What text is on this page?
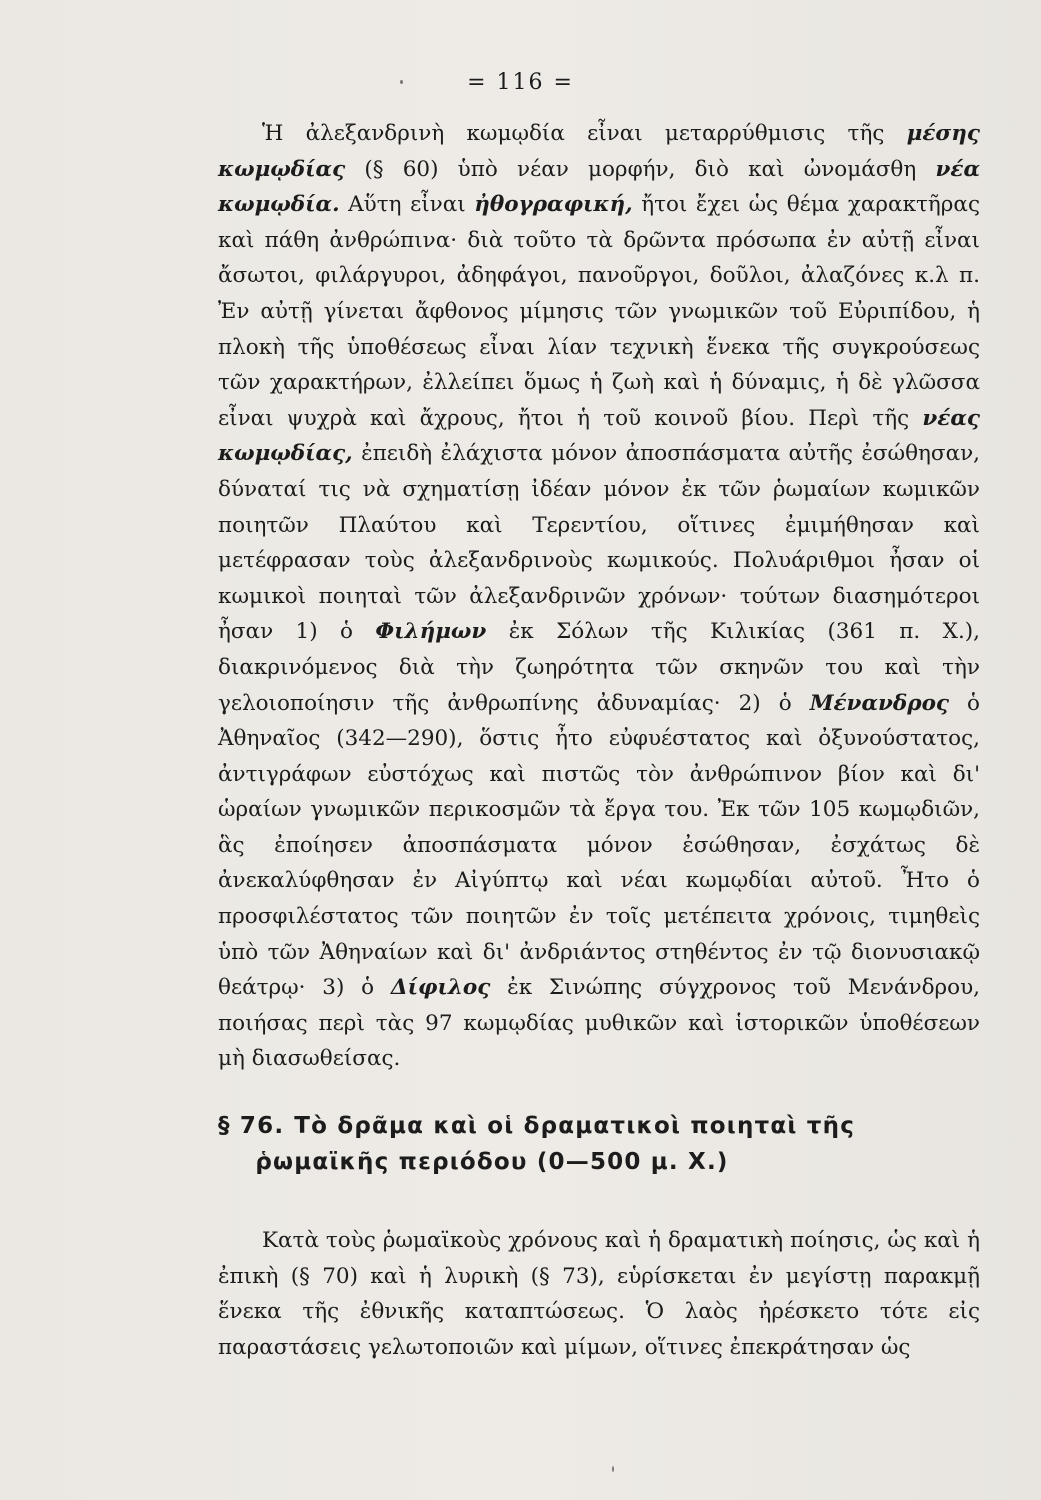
= 116 =
Ἡ ἀλεξανδρινὴ κωμῳδία εἶναι μεταρρύθμισις τῆς μέσης κωμῳδίας (§ 60) ὑπὸ νέαν μορφήν, διὸ καὶ ὠνομάσθη νέα κωμῳδία. Αὕτη εἶναι ἠθογραφική, ἤτοι ἔχει ὡς θέμα χαρακτῆρας καὶ πάθη ἀνθρώπινα· διὰ τοῦτο τὰ δρῶντα πρόσωπα ἐν αὐτῇ εἶναι ἄσωτοι, φιλάργυροι, ἀδηφάγοι, πανοῦργοι, δοῦλοι, ἀλαζόνες κ.λ π. Ἐν αὐτῇ γίνεται ἄφθονος μίμησις τῶν γνωμικῶν τοῦ Εὐριπίδου, ἡ πλοκὴ τῆς ὑποθέσεως εἶναι λίαν τεχνικὴ ἕνεκα τῆς συγκρούσεως τῶν χαρακτήρων, ἐλλείπει ὅμως ἡ ζωὴ καὶ ἡ δύναμις, ἡ δὲ γλῶσσα εἶναι ψυχρὰ καὶ ἄχρους, ἤτοι ἡ τοῦ κοινοῦ βίου. Περὶ τῆς νέας κωμῳδίας, ἐπειδὴ ἐλάχιστα μόνον ἀποσπάσματα αὐτῆς ἐσώθησαν, δύναταί τις νὰ σχηματίσῃ ἰδέαν μόνον ἐκ τῶν ῥωμαίων κωμικῶν ποιητῶν Πλαύτου καὶ Τερεντίου, οἵτινες ἐμιμήθησαν καὶ μετέφρασαν τοὺς ἀλεξανδρινοὺς κωμικούς. Πολυάριθμοι ἦσαν οἱ κωμικοὶ ποιηταὶ τῶν ἀλεξανδρινῶν χρόνων· τούτων διασημότεροι ἦσαν 1) ὁ Φιλήμων ἐκ Σόλων τῆς Κιλικίας (361 π. Χ.), διακρινόμενος διὰ τὴν ζωηρότητα τῶν σκηνῶν του καὶ τὴν γελοιοποίησιν τῆς ἀνθρωπίνης ἀδυναμίας· 2) ὁ Μένανδρος ὁ Ἀθηναῖος (342—290), ὅστις ἦτο εὐφυέστατος καὶ ὀξυνούστατος, ἀντιγράφων εὐστόχως καὶ πιστῶς τὸν ἀνθρώπινον βίον καὶ δι' ὡραίων γνωμικῶν περικοσμῶν τὰ ἔργα του. Ἐκ τῶν 105 κωμῳδιῶν, ἃς ἐποίησεν ἀποσπάσματα μόνον ἐσώθησαν, ἐσχάτως δὲ ἀνεκαλύφθησαν ἐν Αἰγύπτῳ καὶ νέαι κωμῳδίαι αὐτοῦ. Ἦτο ὁ προσφιλέστατος τῶν ποιητῶν ἐν τοῖς μετέπειτα χρόνοις, τιμηθεὶς ὑπὸ τῶν Ἀθηναίων καὶ δι' ἀνδριάντος στηθέντος ἐν τῷ διονυσιακῷ θεάτρῳ· 3) ὁ Δίφιλος ἐκ Σινώπης σύγχρονος τοῦ Μενάνδρου, ποιήσας περὶ τὰς 97 κωμῳδίας μυθικῶν καὶ ἱστορικῶν ὑποθέσεων μὴ διασωθείσας.
§ 76. Τὸ δρᾶμα καὶ οἱ δραματικοὶ ποιηταὶ τῆς
ῥωμαϊκῆς περιόδου (0—500 μ. Χ.)
Κατὰ τοὺς ῥωμαϊκοὺς χρόνους καὶ ἡ δραματικὴ ποίησις, ὡς καὶ ἡ ἐπικὴ (§ 70) καὶ ἡ λυρικὴ (§ 73), εὑρίσκεται ἐν μεγίστῃ παρακμῇ ἕνεκα τῆς ἐθνικῆς καταπτώσεως. Ὁ λαὸς ἠρέσκετο τότε εἰς παραστάσεις γελωτοποιῶν καὶ μίμων, οἵτινες ἐπεκράτησαν ὡς
